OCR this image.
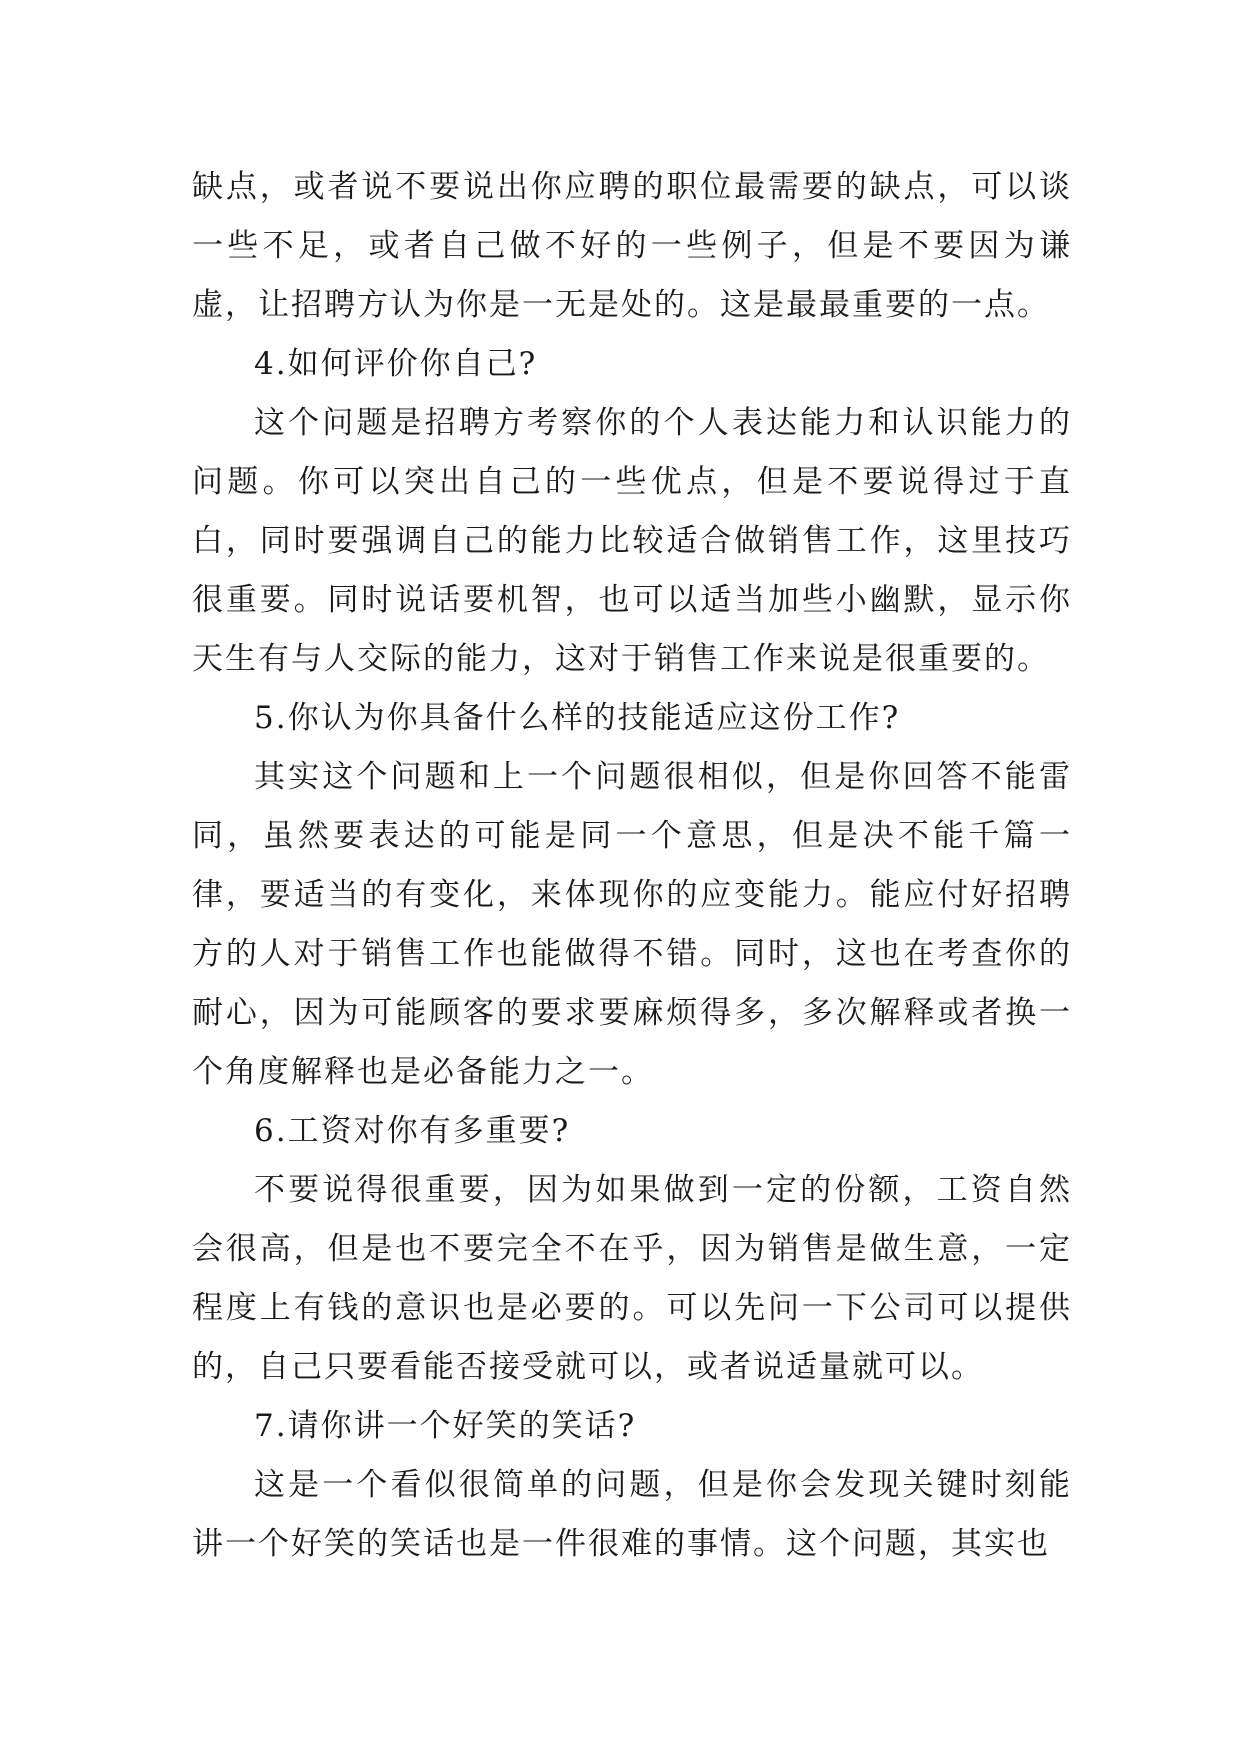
缺点，或者说不要说出你应聘的职位最需要的缺点，可以谈一些不足，或者自己做不好的一些例子，但是不要因为谦虚，让招聘方认为你是一无是处的。这是最最重要的一点。

4.如何评价你自己?

这个问题是招聘方考察你的个人表达能力和认识能力的问题。你可以突出自己的一些优点，但是不要说得过于直白，同时要强调自己的能力比较适合做销售工作，这里技巧很重要。同时说话要机智，也可以适当加些小幽默，显示你天生有与人交际的能力，这对于销售工作来说是很重要的。

5.你认为你具备什么样的技能适应这份工作?

其实这个问题和上一个问题很相似，但是你回答不能雷同，虽然要表达的可能是同一个意思，但是决不能千篇一律，要适当的有变化，来体现你的应变能力。能应付好招聘方的人对于销售工作也能做得不错。同时，这也在考查你的耐心，因为可能顾客的要求要麻烦得多，多次解释或者换一个角度解释也是必备能力之一。

6.工资对你有多重要?

不要说得很重要，因为如果做到一定的份额，工资自然会很高，但是也不要完全不在乎，因为销售是做生意，一定程度上有钱的意识也是必要的。可以先问一下公司可以提供的，自己只要看能否接受就可以，或者说适量就可以。

7.请你讲一个好笑的笑话?

这是一个看似很简单的问题，但是你会发现关键时刻能讲一个好笑的笑话也是一件很难的事情。这个问题，其实也
